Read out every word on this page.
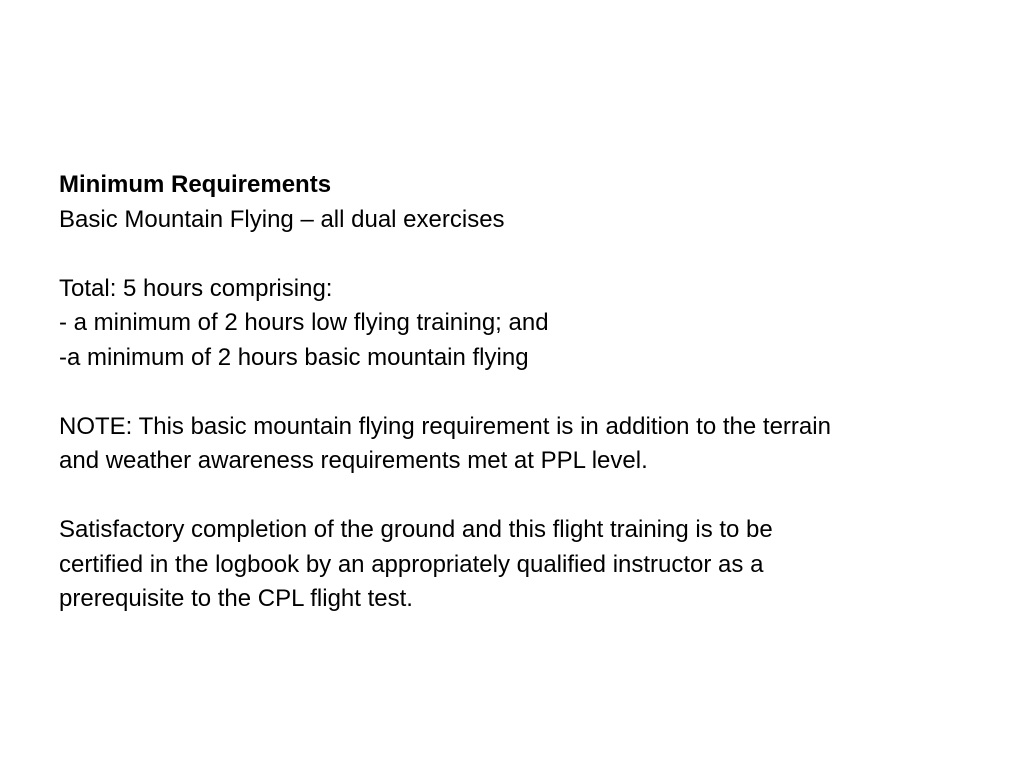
Minimum Requirements
Basic Mountain Flying – all dual exercises
Total: 5 hours comprising:
- a minimum of 2 hours low flying training; and
-a minimum of 2 hours basic mountain flying
NOTE: This basic mountain flying requirement is in addition to the terrain
and weather awareness requirements met at PPL level.
Satisfactory completion of the ground and this flight training is to be
certified in the logbook by an appropriately qualified instructor as a
prerequisite to the CPL flight test.
